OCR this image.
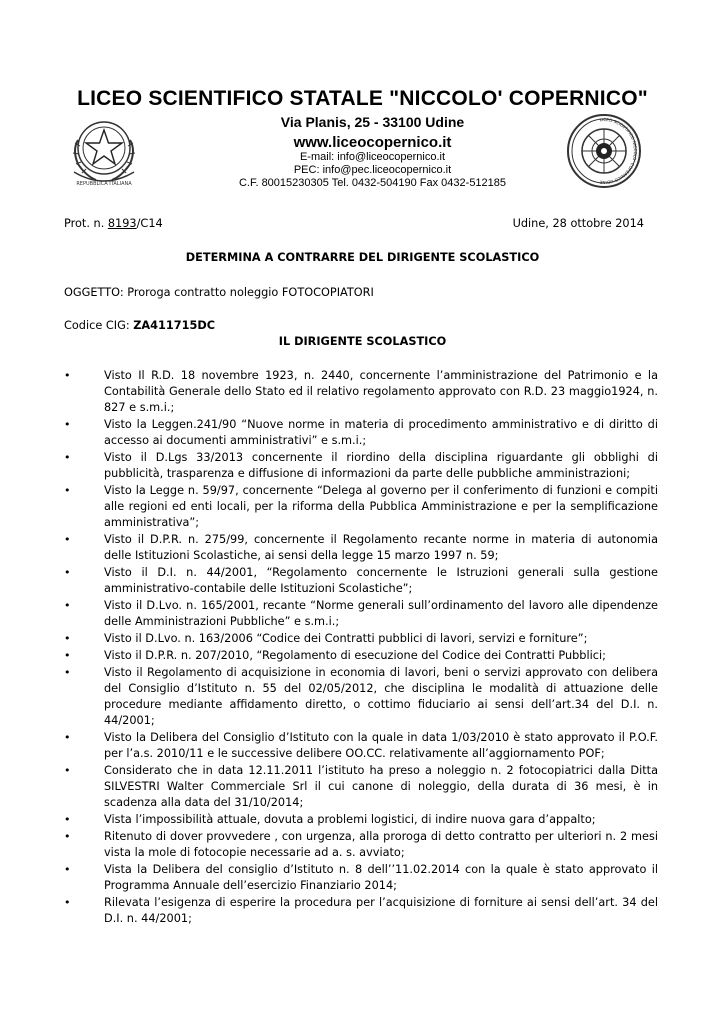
LICEO SCIENTIFICO STATALE "NICCOLO' COPERNICO"
REPUBBLICA ITALIANA
Via Planis, 25 - 33100 Udine
www.liceocopernico.it
E-mail: info@liceocopernico.it
PEC: info@pec.liceocopernico.it
C.F. 80015230305 Tel. 0432-504190 Fax 0432-512185
LICEO SCIENTIFICO NICCOLO' COPERNICO UDINE
Prot. n. 8193/C14	Udine, 28 ottobre 2014
DETERMINA A CONTRARRE DEL DIRIGENTE SCOLASTICO
OGGETTO: Proroga contratto noleggio FOTOCOPIATORI
Codice CIG: ZA411715DC
IL DIRIGENTE SCOLASTICO
•	Visto Il R.D. 18 novembre 1923, n. 2440, concernente l’amministrazione del Patrimonio e la Contabilità Generale dello Stato ed il relativo regolamento approvato con R.D. 23 maggio1924, n. 827 e s.m.i.;
•	Visto la Leggen.241/90 “Nuove norme in materia di procedimento amministrativo e di diritto di accesso ai documenti amministrativi” e s.m.i.;
•	Visto il D.Lgs 33/2013 concernente il riordino della disciplina riguardante gli obblighi di pubblicità, trasparenza e diffusione di informazioni da parte delle pubbliche amministrazioni;
•	Visto la Legge n. 59/97, concernente “Delega al governo per il conferimento di funzioni e compiti alle regioni ed enti locali, per la riforma della Pubblica Amministrazione e per la semplificazione amministrativa”;
•	Visto il D.P.R. n. 275/99, concernente il Regolamento recante norme in materia di autonomia delle Istituzioni Scolastiche, ai sensi della legge 15 marzo 1997 n. 59;
•	Visto il D.I. n. 44/2001, “Regolamento concernente le Istruzioni generali sulla gestione amministrativo-contabile delle Istituzioni Scolastiche”;
•	Visto il D.Lvo. n. 165/2001, recante “Norme generali sull’ordinamento del lavoro alle dipendenze delle Amministrazioni Pubbliche” e s.m.i.;
•	Visto il D.Lvo. n. 163/2006 “Codice dei Contratti pubblici di lavori, servizi e forniture”;
•	Visto il D.P.R. n. 207/2010, “Regolamento di esecuzione del Codice dei Contratti Pubblici;
•	Visto il Regolamento di acquisizione in economia di lavori, beni o servizi approvato con delibera del Consiglio d’Istituto n. 55 del 02/05/2012, che disciplina le modalità di attuazione delle procedure mediante affidamento diretto, o cottimo fiduciario ai sensi dell’art.34 del D.I. n. 44/2001;
•	Visto la Delibera del Consiglio d’Istituto con la quale in data 1/03/2010 è stato approvato il P.O.F. per l’a.s. 2010/11 e le successive delibere OO.CC. relativamente all’aggiornamento POF;
•	Considerato che in data 12.11.2011 l’istituto ha preso a noleggio n. 2 fotocopiatrici dalla Ditta SILVESTRI Walter Commerciale Srl il cui canone di noleggio, della durata di 36 mesi, è in scadenza alla data del 31/10/2014;
•	Vista l’impossibilità attuale, dovuta a problemi logistici, di indire nuova gara d’appalto;
•	Ritenuto di dover provvedere , con urgenza, alla proroga di detto contratto per ulteriori n. 2 mesi vista la mole di fotocopie necessarie ad a. s. avviato;
•	Vista la Delibera del consiglio d’Istituto n. 8 dell’’11.02.2014 con la quale è stato approvato il Programma Annuale dell’esercizio Finanziario 2014;
•	Rilevata l’esigenza di esperire la procedura per l’acquisizione di forniture ai sensi dell’art. 34 del D.I. n. 44/2001;
